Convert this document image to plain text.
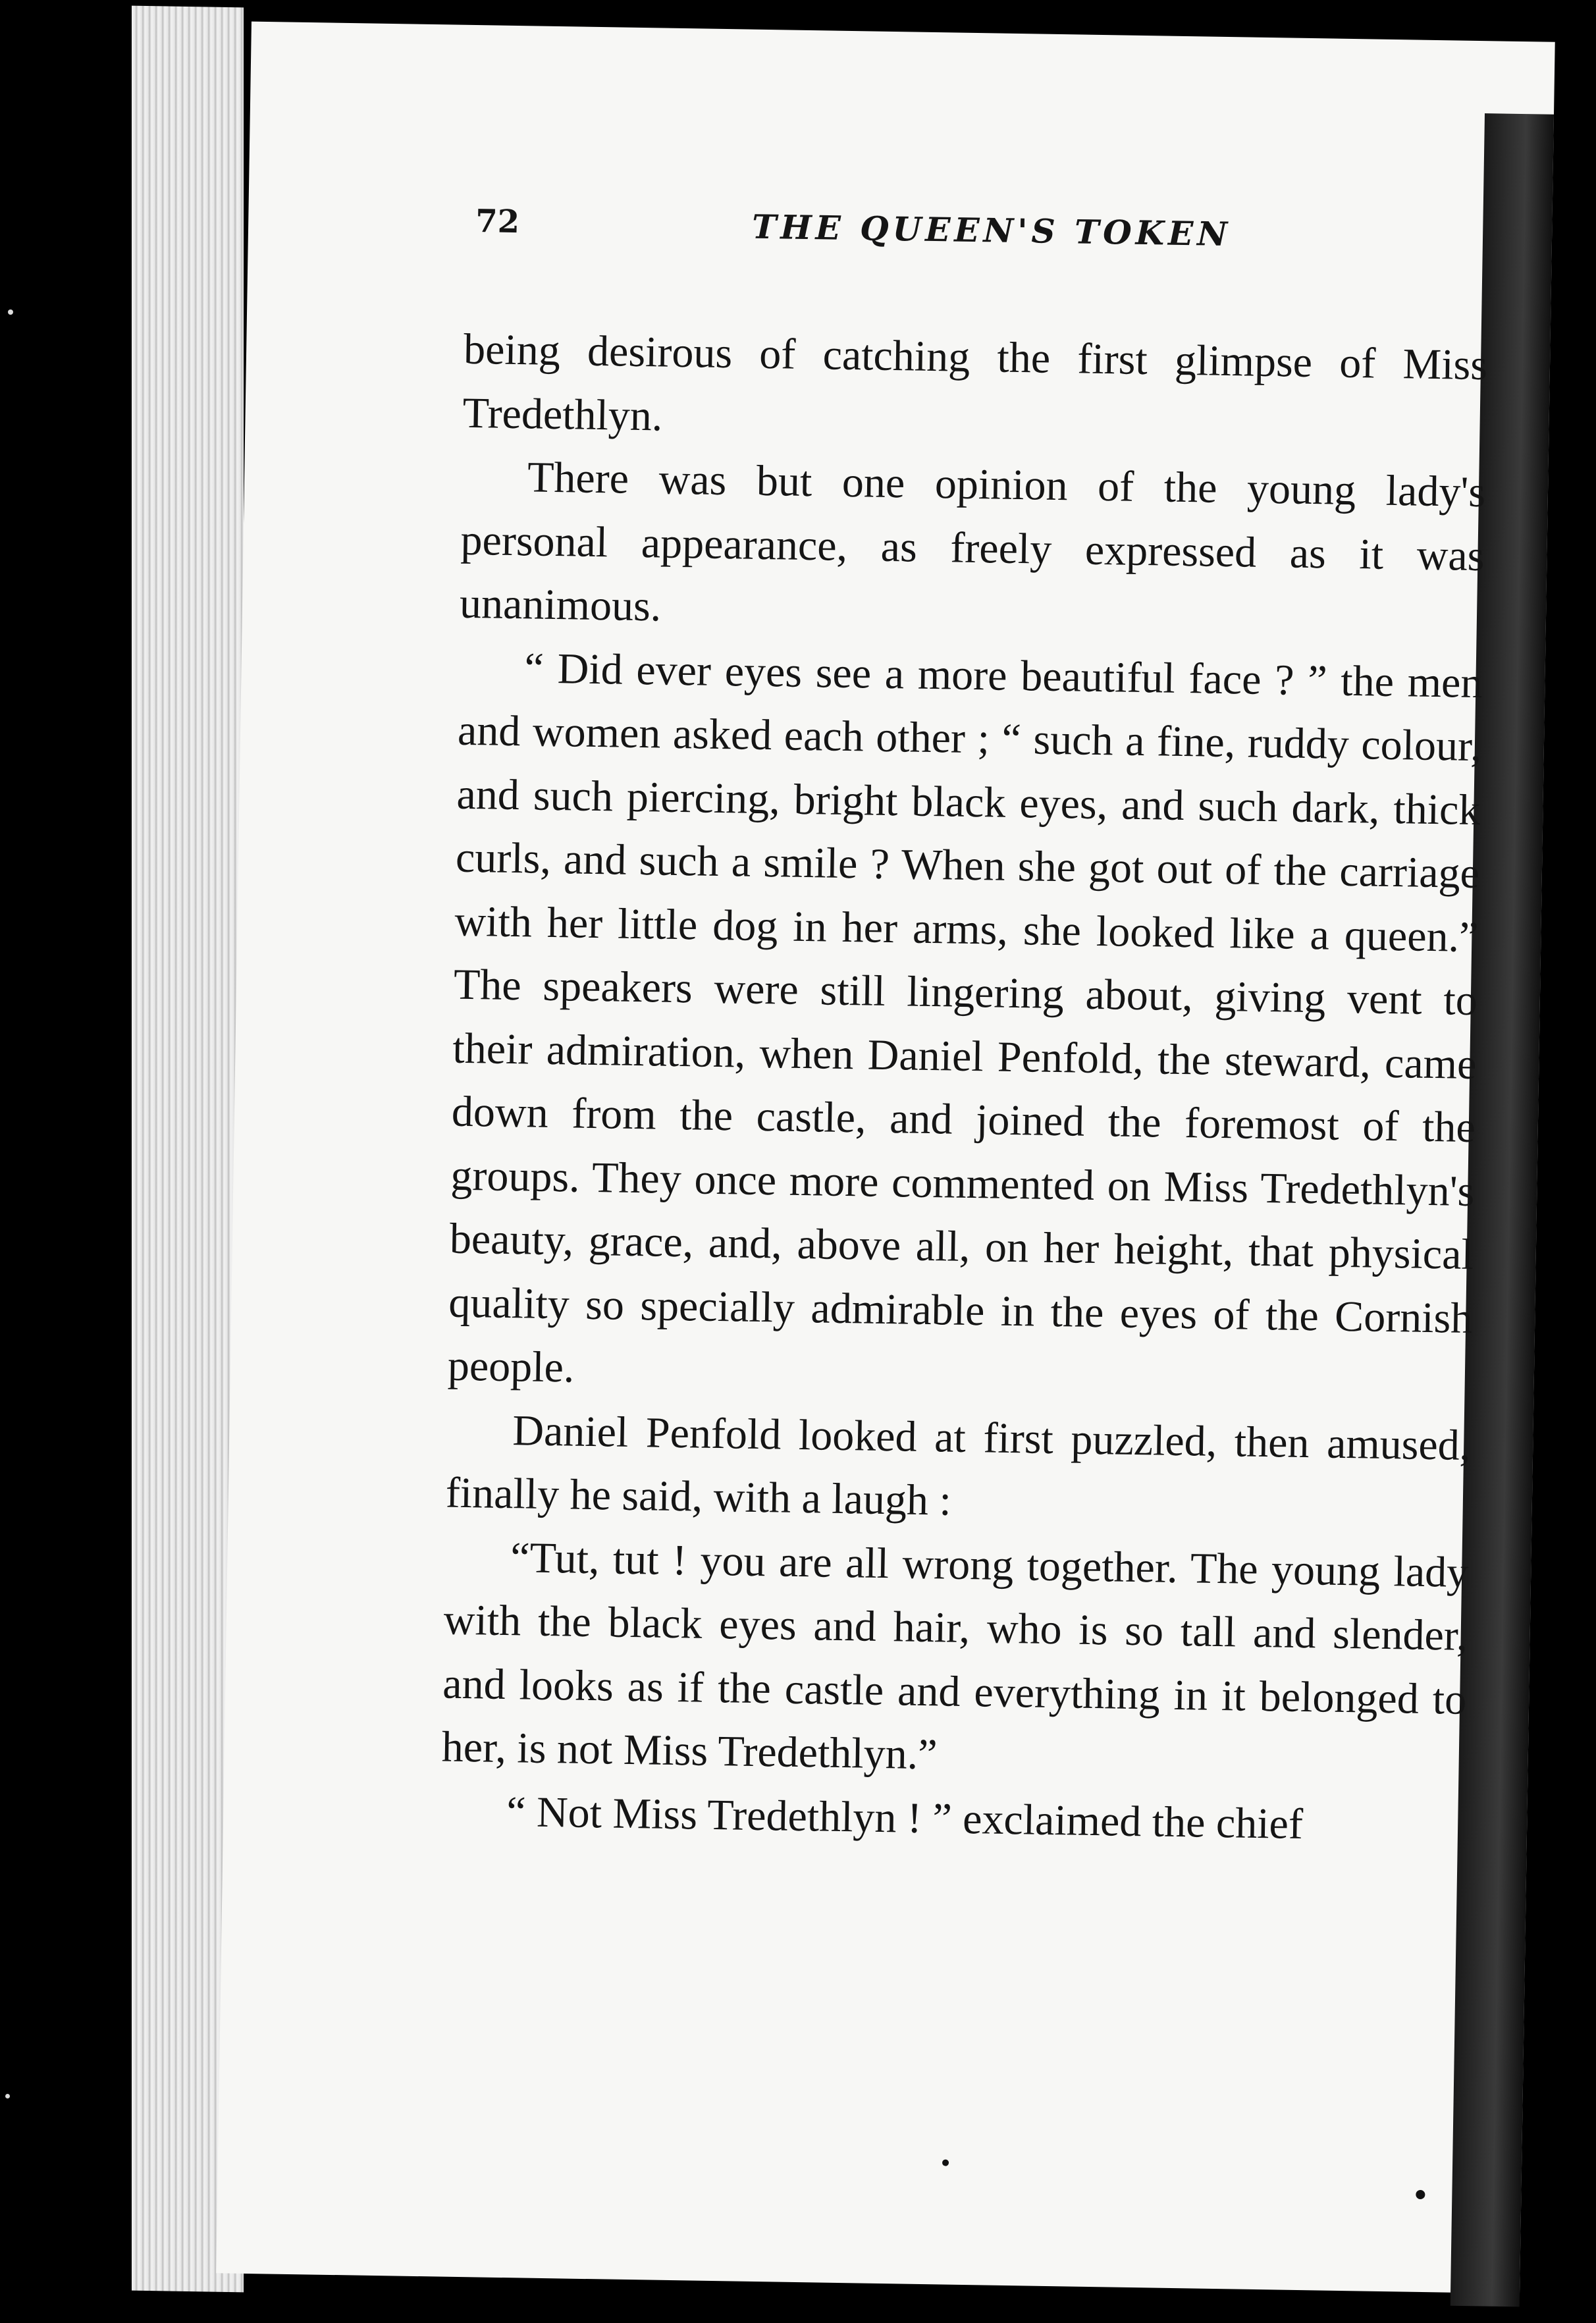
72	THE QUEEN'S TOKEN

being desirous of catching the first glimpse of Miss Tredethlyn.

There was but one opinion of the young lady's personal appearance, as freely expressed as it was unanimous.

“ Did ever eyes see a more beautiful face ? ” the men and women asked each other ; “ such a fine, ruddy colour, and such piercing, bright black eyes, and such dark, thick curls, and such a smile ? When she got out of the carriage with her little dog in her arms, she looked like a queen.” The speakers were still lingering about, giving vent to their admiration, when Daniel Penfold, the steward, came down from the castle, and joined the foremost of the groups. They once more commented on Miss Tredethlyn's beauty, grace, and, above all, on her height, that physical quality so specially admirable in the eyes of the Cornish people.

Daniel Penfold looked at first puzzled, then amused, finally he said, with a laugh :

“Tut, tut ! you are all wrong together. The young lady with the black eyes and hair, who is so tall and slender, and looks as if the castle and everything in it belonged to her, is not Miss Tredethlyn.”

“ Not Miss Tredethlyn ! ” exclaimed the chief
